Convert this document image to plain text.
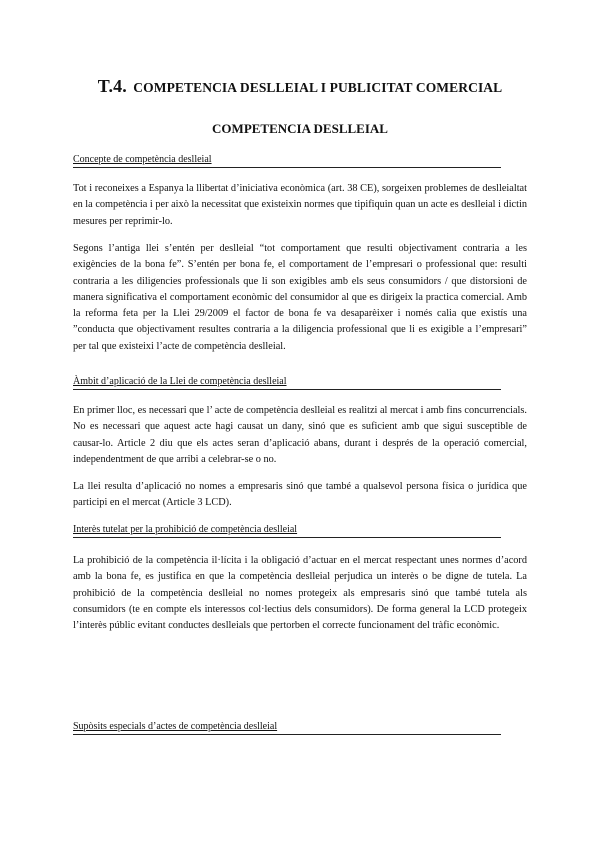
T.4. COMPETENCIA DESLLEIAL I PUBLICITAT COMERCIAL
COMPETENCIA DESLLEIAL
Concepte de competència deslleial

Tot i reconeixes a Espanya la llibertat d’iniciativa econòmica (art. 38 CE), sorgeixen problemes de deslleialtat en la competència i per això la necessitat que existeixin normes que tipifiquin quan un acte es deslleial i dictin mesures per reprimir-lo.

Segons l’antiga llei s’entén per deslleial “tot comportament que resulti objectivament contraria a les exigències de la bona fe”. S’entén per bona fe, el comportament de l’empresari o professional que: resulti contraria a les diligencies professionals que li son exigibles amb els seus consumidors / que distorsioni de manera significativa el comportament econòmic del consumidor al que es dirigeix la practica comercial. Amb la reforma feta per la Llei 29/2009 el factor de bona fe va desaparèixer i només calia que existís una ”conducta que objectivament resultes contraria a la diligencia professional que li es exigible a l’empresari” per tal que existeixi l’acte de competència deslleial.

Àmbit d’aplicació de la Llei de competència deslleial

En primer lloc, es necessari que l’ acte de competència deslleial es realitzi al mercat i amb fins concurrencials. No es necessari que aquest acte hagi causat un dany, sinó que es suficient amb que sigui susceptible de causar-lo. Article 2 diu que els actes seran d’aplicació abans, durant i després de la operació comercial, independentment de que arribi a celebrar-se o no.

La llei resulta d’aplicació no nomes a empresaris sinó que també a qualsevol persona física o jurídica que participi en el mercat (Article 3 LCD).

Interès tutelat per la prohibició de competència deslleial

La prohibició de la competència il·lícita i la obligació d’actuar en el mercat respectant unes normes d’acord amb la bona fe, es justifica en que la competència deslleial perjudica un interès o be digne de tutela. La prohibició de la competència deslleial no nomes protegeix als empresaris sinó que també tutela als consumidors (te en compte els interessos col·lectius dels consumidors). De forma general la LCD protegeix l’interès públic evitant conductes deslleials que pertorben el correcte funcionament del tràfic econòmic.

Supòsits especials d’actes de competència deslleial
